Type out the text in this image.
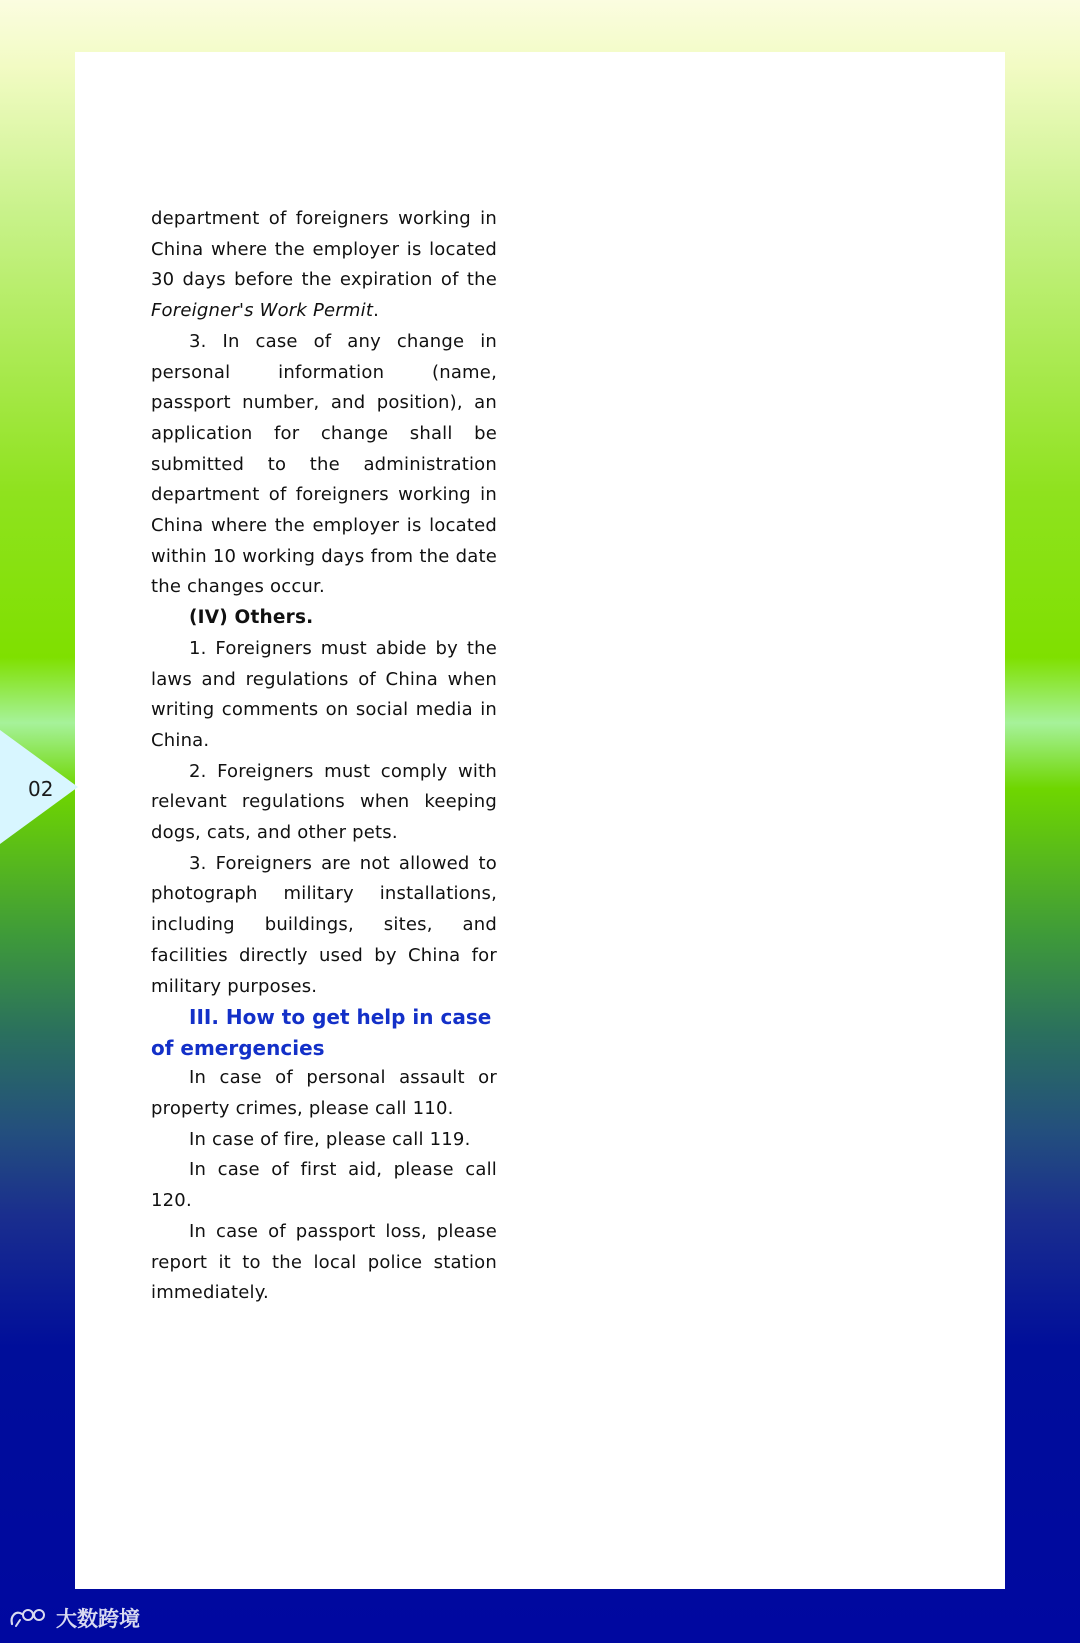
department of foreigners working in China where the employer is located 30 days before the expiration of the Foreigner's Work Permit.

3. In case of any change in personal information (name, passport number, and position), an application for change shall be submitted to the administration department of foreigners working in China where the employer is located within 10 working days from the date the changes occur.

(IV) Others.

1. Foreigners must abide by the laws and regulations of China when writing comments on social media in China.

2. Foreigners must comply with relevant regulations when keeping dogs, cats, and other pets.

3. Foreigners are not allowed to photograph military installations, including buildings, sites, and facilities directly used by China for military purposes.

III. How to get help in case of emergencies

In case of personal assault or property crimes, please call 110.

In case of fire, please call 119.

In case of first aid, please call 120.

In case of passport loss, please report it to the local police station immediately.

02
大数跨境
